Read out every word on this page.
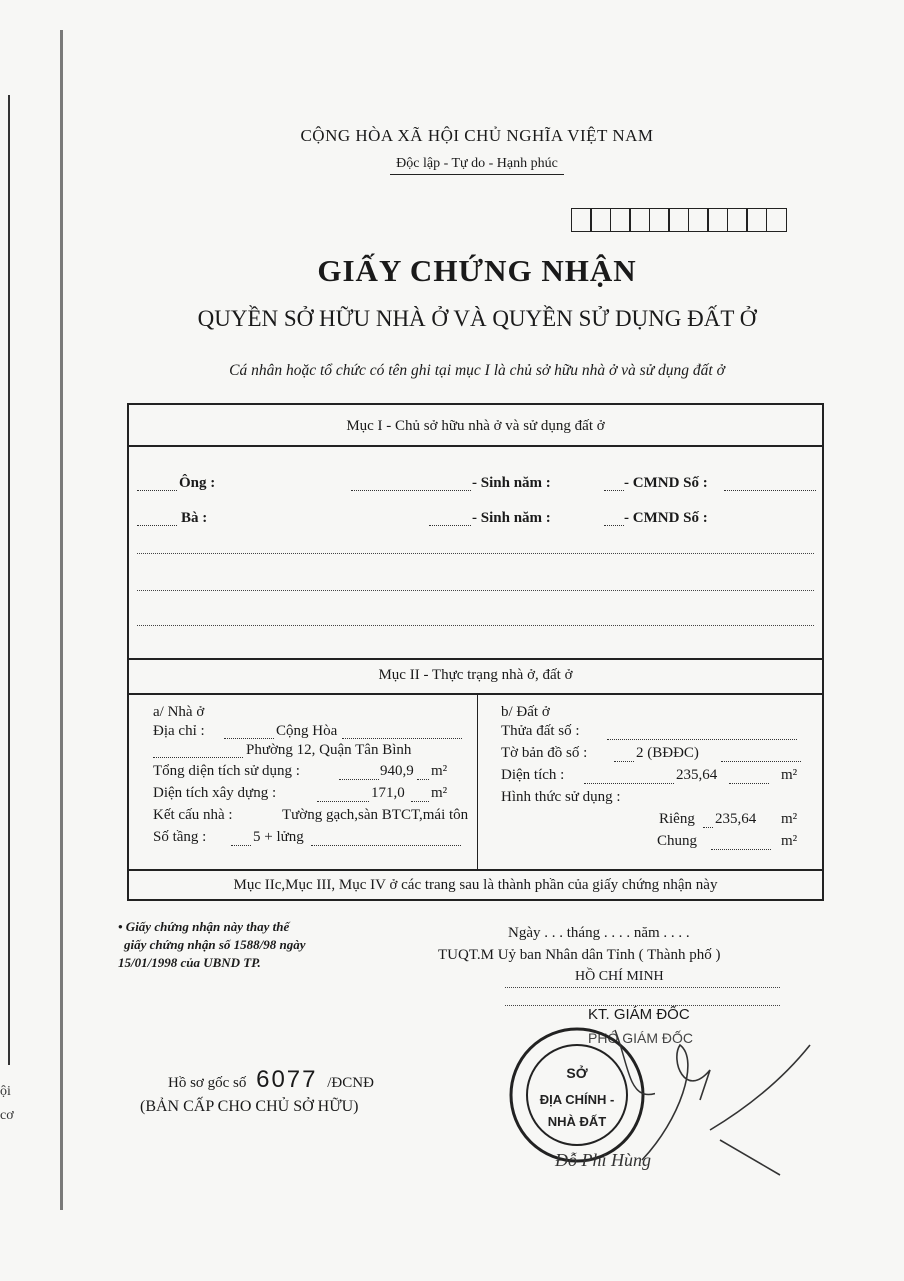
ội
cơ
CỘNG HÒA XÃ HỘI CHỦ NGHĨA VIỆT NAM
Độc lập - Tự do - Hạnh phúc
GIẤY CHỨNG NHẬN
QUYỀN SỞ HỮU NHÀ Ở VÀ QUYỀN SỬ DỤNG ĐẤT Ở
Cá nhân hoặc tổ chức có tên ghi tại mục I là chủ sở hữu nhà ở và sử dụng đất ở
Mục I - Chủ sở hữu nhà ở và sử dụng đất ở
Ông :	- Sinh năm :	- CMND Số :
Bà :	- Sinh năm :	- CMND Số :
Mục II - Thực trạng nhà ở, đất ở
a/ Nhà ở
Địa chỉ :	Cộng Hòa
Phường 12, Quận Tân Bình
Tổng diện tích sử dụng :	940,9 m²
Diện tích xây dựng :	171,0 m²
Kết cấu nhà :	Tường gạch,sàn BTCT,mái tôn
Số tầng :	5 + lửng
b/ Đất ở
Thửa đất số :
Tờ bản đồ số :	2 (BĐĐC)
Diện tích :	235,64	m²
Hình thức sử dụng :
Riêng 235,64 m²
Chung	m²
Mục IIc,Mục III, Mục IV ở các trang sau là thành phần của giấy chứng nhận này
• Giấy chứng nhận này thay thế
giấy chứng nhận số 1588/98 ngày
15/01/1998 của UBND TP.
Ngày . . . tháng . . . . năm . . . .
TUQT.M Uỷ ban Nhân dân Tỉnh ( Thành phố )
HỒ CHÍ MINH
KT. GIÁM ĐỐC
PHÓ GIÁM ĐỐC
SỞ
ĐỊA CHÍNH -
NHÀ ĐẤT
Đỗ Phi Hùng
Hồ sơ gốc số 6077 /ĐCNĐ
(BẢN CẤP CHO CHỦ SỞ HỮU)
